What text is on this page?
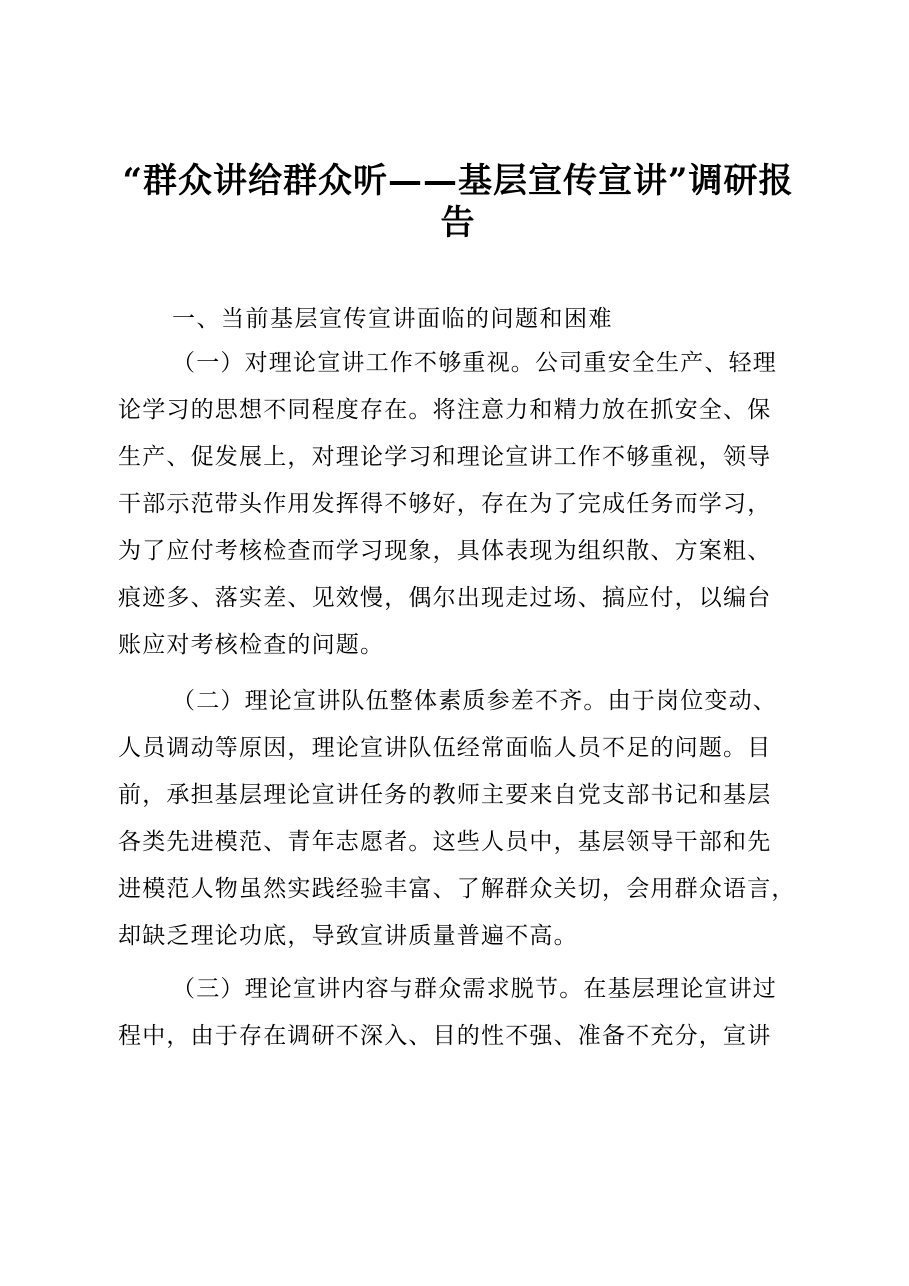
“群众讲给群众听——基层宣传宣讲”调研报
告
一、当前基层宣传宣讲面临的问题和困难
（一）对理论宣讲工作不够重视。公司重安全生产、轻理
论学习的思想不同程度存在。将注意力和精力放在抓安全、保
生产、促发展上，对理论学习和理论宣讲工作不够重视，领导
干部示范带头作用发挥得不够好，存在为了完成任务而学习，
为了应付考核检查而学习现象，具体表现为组织散、方案粗、
痕迹多、落实差、见效慢，偶尔出现走过场、搞应付，以编台
账应对考核检查的问题。
（二）理论宣讲队伍整体素质参差不齐。由于岗位变动、
人员调动等原因，理论宣讲队伍经常面临人员不足的问题。目
前，承担基层理论宣讲任务的教师主要来自党支部书记和基层
各类先进模范、青年志愿者。这些人员中，基层领导干部和先
进模范人物虽然实践经验丰富、了解群众关切，会用群众语言，
却缺乏理论功底，导致宣讲质量普遍不高。
（三）理论宣讲内容与群众需求脱节。在基层理论宣讲过
程中，由于存在调研不深入、目的性不强、准备不充分，宣讲
